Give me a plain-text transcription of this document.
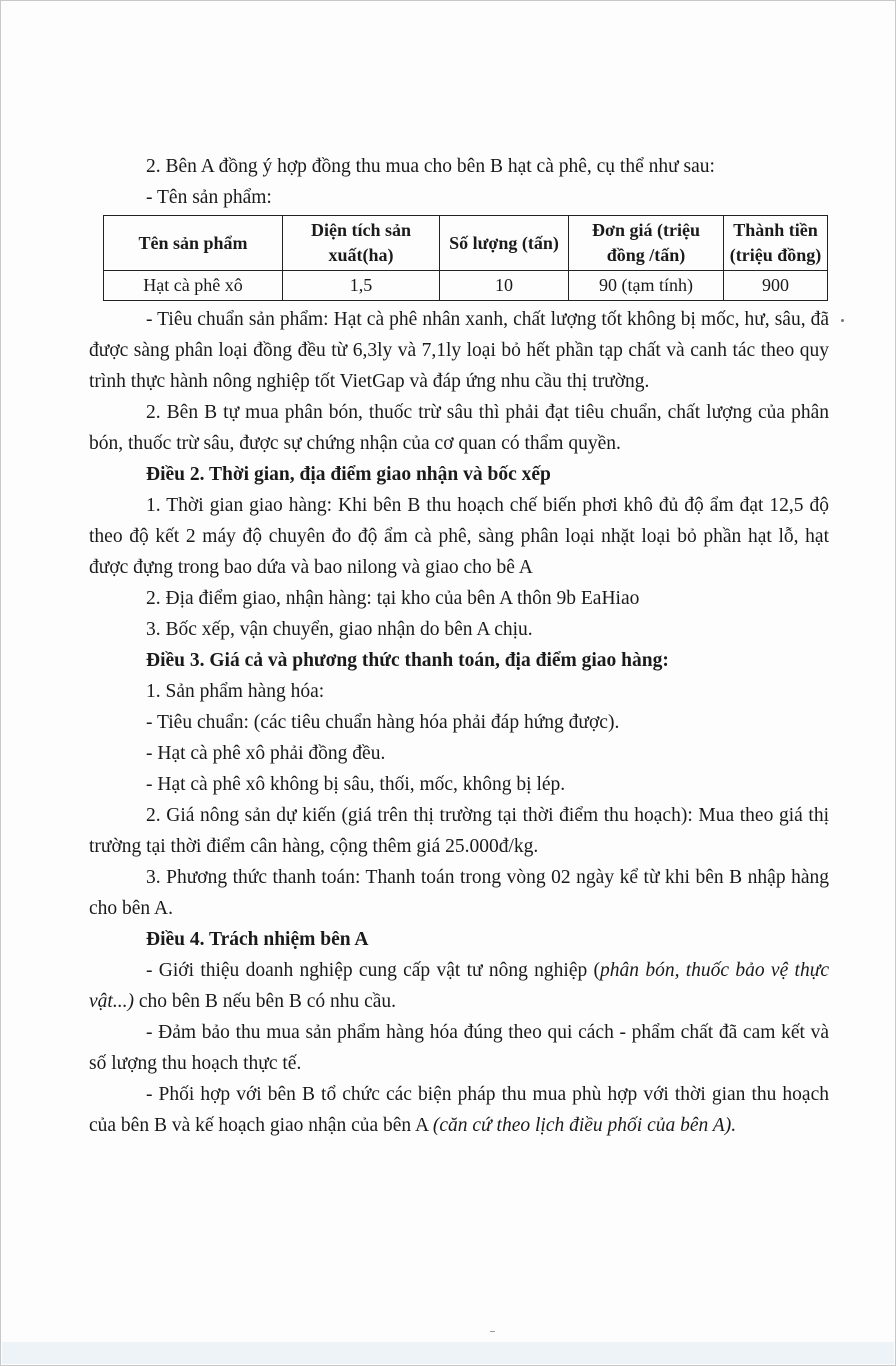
2. Bên A đồng ý hợp đồng thu mua cho bên B hạt cà phê, cụ thể như sau:

- Tên sản phẩm:

Tên sản phẩm	Diện tích sản xuất(ha)	Số lượng (tấn)	Đơn giá (triệu đồng /tấn)	Thành tiền (triệu đồng)
Hạt cà phê xô	1,5	10	90 (tạm tính)	900

- Tiêu chuẩn sản phẩm: Hạt cà phê nhân xanh, chất lượng tốt không bị mốc, hư, sâu, đã được sàng phân loại đồng đều từ 6,3ly và 7,1ly loại bỏ hết phần tạp chất và canh tác theo quy trình thực hành nông nghiệp tốt VietGap và đáp ứng nhu cầu thị trường.

2. Bên B tự mua phân bón, thuốc trừ sâu thì phải đạt tiêu chuẩn, chất lượng của phân bón, thuốc trừ sâu, được sự chứng nhận của cơ quan có thẩm quyền.

Điều 2. Thời gian, địa điểm giao nhận và bốc xếp

1. Thời gian giao hàng: Khi bên B thu hoạch chế biến phơi khô đủ độ ẩm đạt 12,5 độ theo độ kết 2 máy độ chuyên đo độ ẩm cà phê, sàng phân loại nhặt loại bỏ phần hạt lỗ, hạt được đựng trong bao dứa và bao nilong và giao cho bê A

2. Địa điểm giao, nhận hàng: tại kho của bên A thôn 9b EaHiao

3. Bốc xếp, vận chuyển, giao nhận do bên A chịu.

Điều 3. Giá cả và phương thức thanh toán, địa điểm giao hàng:

1. Sản phẩm hàng hóa:

- Tiêu chuẩn: (các tiêu chuẩn hàng hóa phải đáp hứng được).

- Hạt cà phê xô phải đồng đều.

- Hạt cà phê xô không bị sâu, thối, mốc, không bị lép.

2. Giá nông sản dự kiến (giá trên thị trường tại thời điểm thu hoạch): Mua theo giá thị trường tại thời điểm cân hàng, cộng thêm giá 25.000đ/kg.

3. Phương thức thanh toán: Thanh toán trong vòng 02 ngày kể từ khi bên B nhập hàng cho bên A.

Điều 4. Trách nhiệm bên A

- Giới thiệu doanh nghiệp cung cấp vật tư nông nghiệp (phân bón, thuốc bảo vệ thực vật...) cho bên B nếu bên B có nhu cầu.

- Đảm bảo thu mua sản phẩm hàng hóa đúng theo qui cách - phẩm chất đã cam kết và số lượng thu hoạch thực tế.

- Phối hợp với bên B tổ chức các biện pháp thu mua phù hợp với thời gian thu hoạch của bên B và kế hoạch giao nhận của bên A (căn cứ theo lịch điều phối của bên A).
